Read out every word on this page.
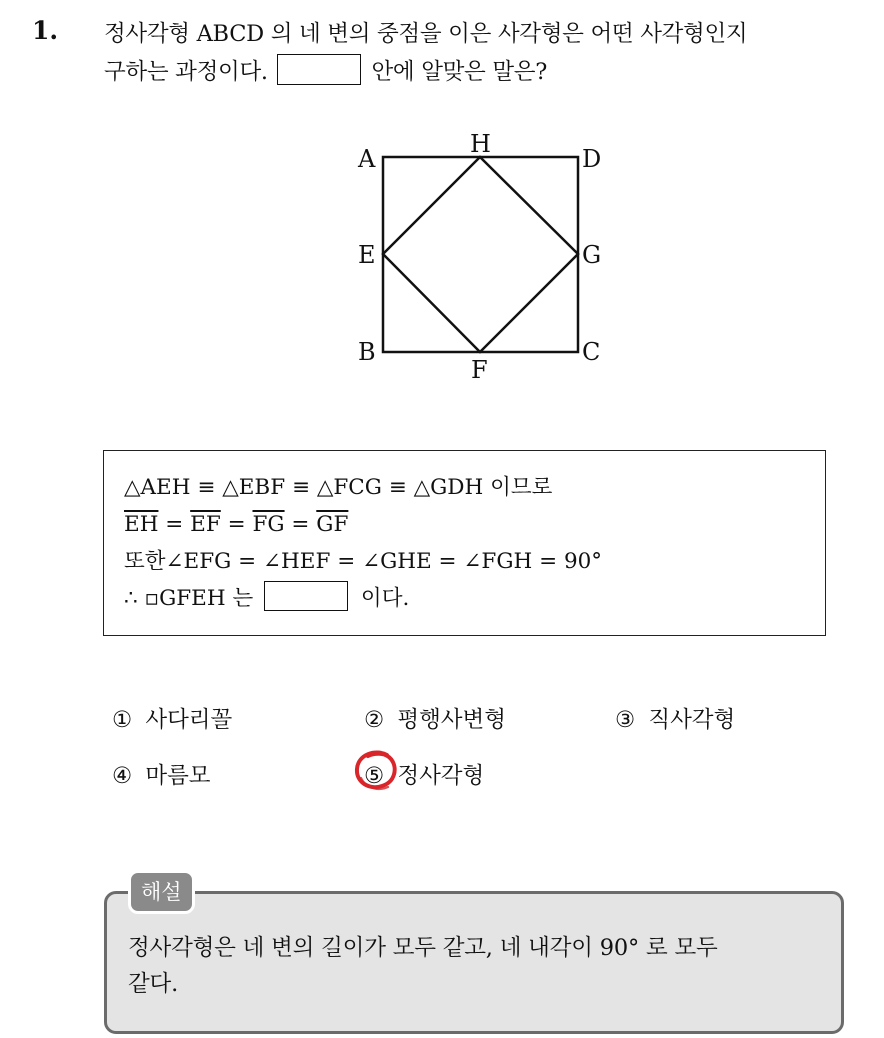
1. 정사각형 ABCD 의 네 변의 중점을 이은 사각형은 어떤 사각형인지
구하는 과정이다.	안에 알맞은 말은?
A	D
H
E	G
B	C
F
△AEH ≡ △EBF ≡ △FCG ≡ △GDH 이므로
$\overline{EH} = \overline{EF} = \overline{FG} = \overline{GF}$
또한∠EFG = ∠HEF = ∠GHE = ∠FGH = 90°
∴ ▫GFEH 는	이다.
① 사다리꼴	② 평행사변형	③ 직사각형
④ 마름모	⑤ 정사각형
해설
정사각형은 네 변의 길이가 모두 같고, 네 내각이 90° 로 모두
같다.
